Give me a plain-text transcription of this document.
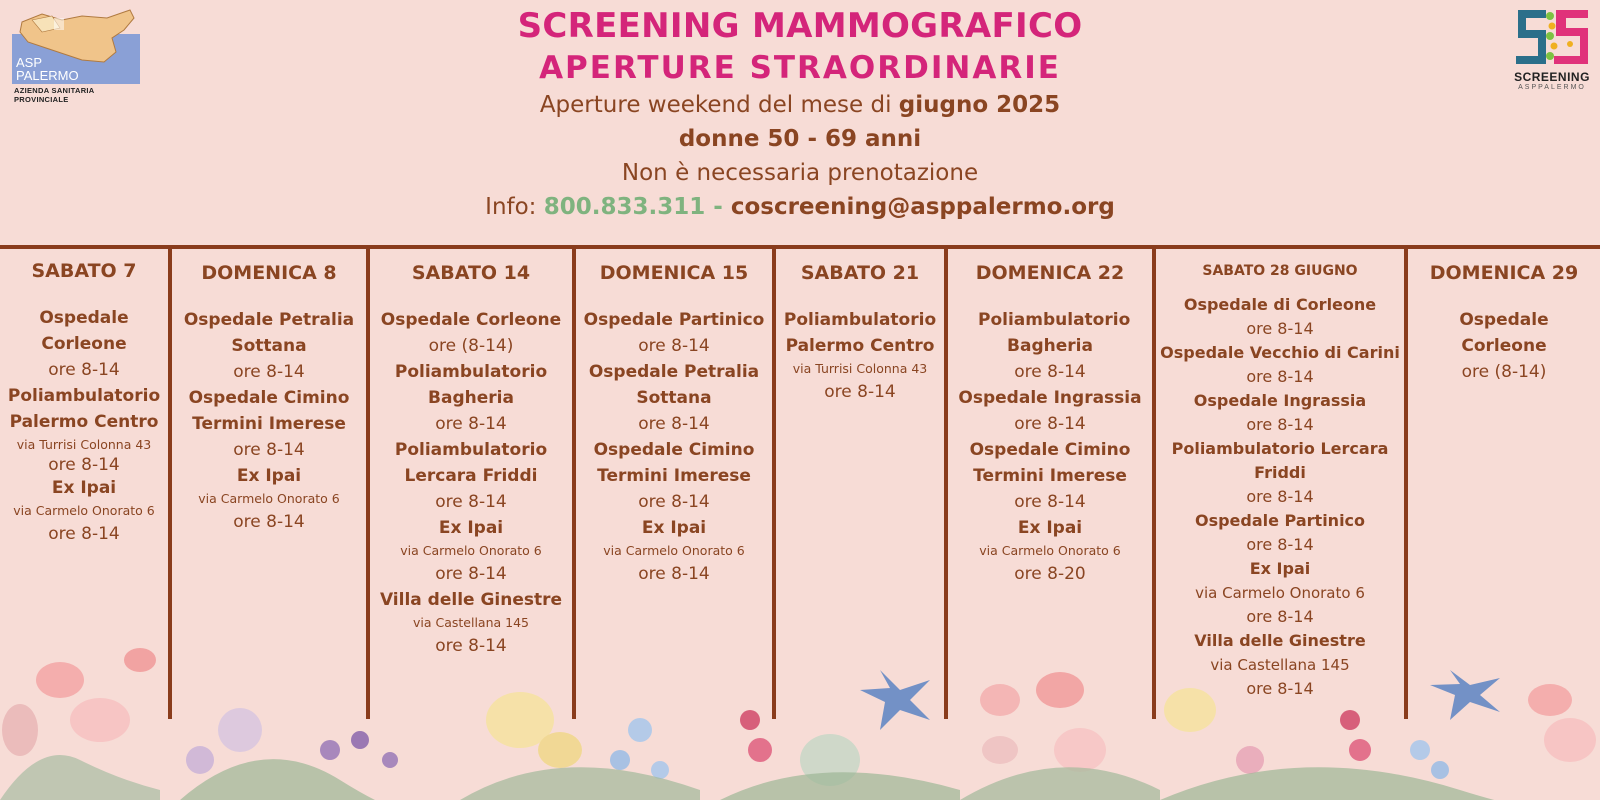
ASP
PALERMO
AZIENDA SANITARIA PROVINCIALE
SCREENING
ASPPALERMO
SCREENING MAMMOGRAFICO
APERTURE STRAORDINARIE
Aperture weekend del mese di giugno 2025
donne 50 - 69 anni
Non è necessaria prenotazione
Info: 800.833.311 - coscreening@asppalermo.org
SABATO 7
Ospedale Corleone
ore 8-14
Poliambulatorio Palermo Centro
via Turrisi Colonna 43
ore 8-14
Ex Ipai
via Carmelo Onorato 6
ore 8-14
DOMENICA 8
Ospedale Petralia Sottana
ore 8-14
Ospedale Cimino Termini Imerese
ore 8-14
Ex Ipai
via Carmelo Onorato 6
ore 8-14
SABATO 14
Ospedale Corleone
ore (8-14)
Poliambulatorio Bagheria
ore 8-14
Poliambulatorio Lercara Friddi
ore 8-14
Ex Ipai
via Carmelo Onorato 6
ore 8-14
Villa delle Ginestre
via Castellana 145
ore 8-14
DOMENICA 15
Ospedale Partinico
ore 8-14
Ospedale Petralia Sottana
ore 8-14
Ospedale Cimino Termini Imerese
ore 8-14
Ex Ipai
via Carmelo Onorato 6
ore 8-14
SABATO 21
Poliambulatorio Palermo Centro
via Turrisi Colonna 43
ore 8-14
DOMENICA 22
Poliambulatorio Bagheria
ore 8-14
Ospedale Ingrassia
ore 8-14
Ospedale Cimino Termini Imerese
ore 8-14
Ex Ipai
via Carmelo Onorato 6
ore 8-20
SABATO 28 GIUGNO
Ospedale di Corleone
ore 8-14
Ospedale Vecchio di Carini
ore 8-14
Ospedale Ingrassia
ore 8-14
Poliambulatorio Lercara Friddi
ore 8-14
Ospedale Partinico
ore 8-14
Ex Ipai
via Carmelo Onorato 6
ore 8-14
Villa delle Ginestre
via Castellana 145
ore 8-14
DOMENICA 29
Ospedale Corleone
ore (8-14)
